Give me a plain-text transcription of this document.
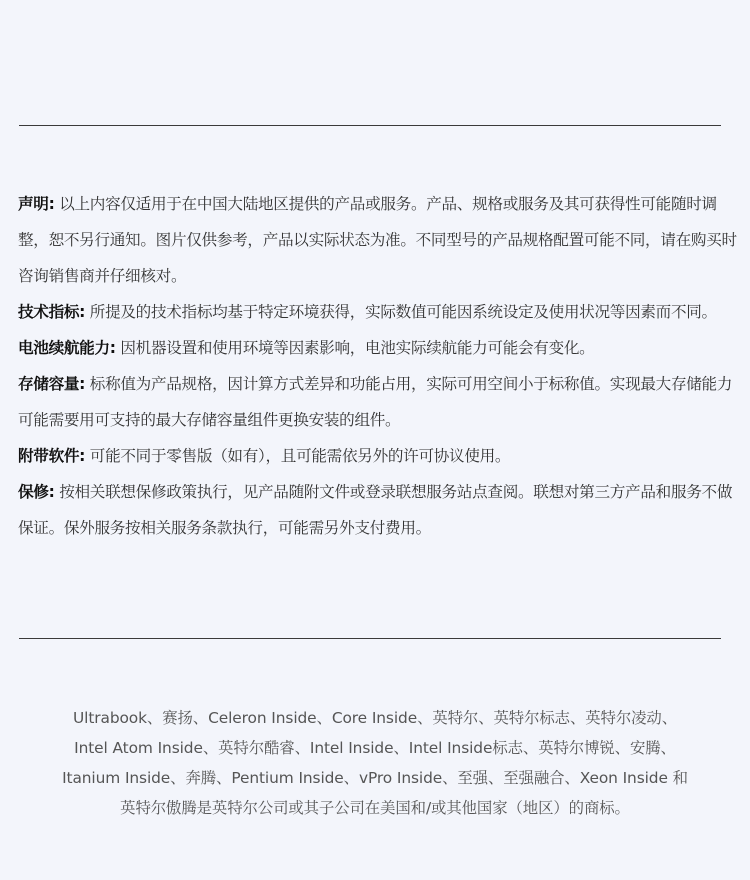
声明: 以上内容仅适用于在中国大陆地区提供的产品或服务。产品、规格或服务及其可获得性可能随时调整，恕不另行通知。图片仅供参考，产品以实际状态为准。不同型号的产品规格配置可能不同，请在购买时咨询销售商并仔细核对。

技术指标: 所提及的技术指标均基于特定环境获得，实际数值可能因系统设定及使用状况等因素而不同。

电池续航能力: 因机器设置和使用环境等因素影响，电池实际续航能力可能会有变化。

存储容量: 标称值为产品规格，因计算方式差异和功能占用，实际可用空间小于标称值。实现最大存储能力可能需要用可支持的最大存储容量组件更换安装的组件。

附带软件: 可能不同于零售版（如有），且可能需依另外的许可协议使用。

保修: 按相关联想保修政策执行，见产品随附文件或登录联想服务站点查阅。联想对第三方产品和服务不做保证。保外服务按相关服务条款执行，可能需另外支付费用。

Ultrabook、赛扬、Celeron Inside、Core Inside、英特尔、英特尔标志、英特尔凌动、
Intel Atom Inside、英特尔酷睿、Intel Inside、Intel Inside标志、英特尔博锐、安腾、
Itanium Inside、奔腾、Pentium Inside、vPro Inside、至强、至强融合、Xeon Inside 和
英特尔傲腾是英特尔公司或其子公司在美国和/或其他国家（地区）的商标。
